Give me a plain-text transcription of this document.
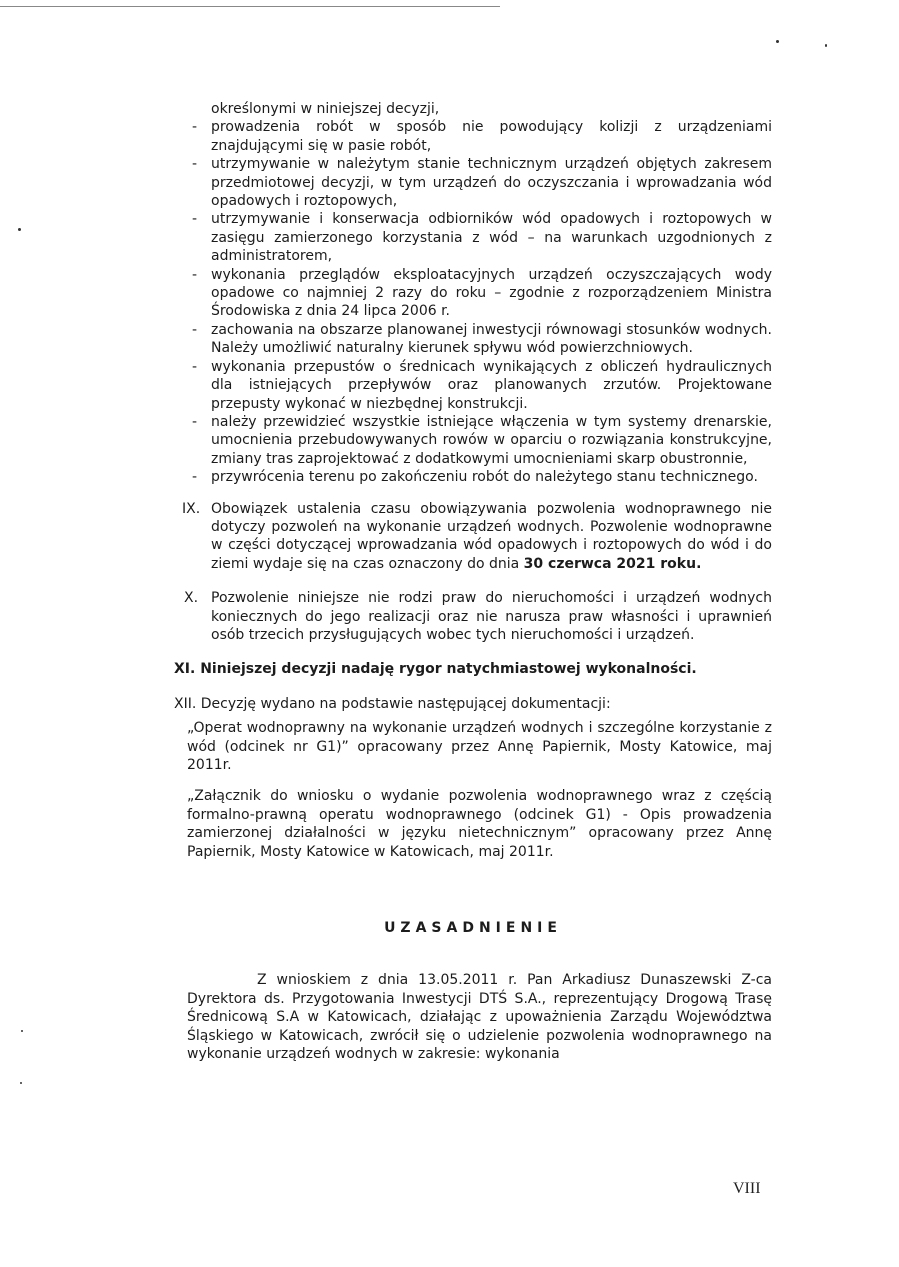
określonymi w niniejszej decyzji,
- prowadzenia robót w sposób nie powodujący kolizji z urządzeniami znajdującymi się w pasie robót,
- utrzymywanie w należytym stanie technicznym urządzeń objętych zakresem przedmiotowej decyzji, w tym urządzeń do oczyszczania i wprowadzania wód opadowych i roztopowych,
- utrzymywanie i konserwacja odbiorników wód opadowych i roztopowych w zasięgu zamierzonego korzystania z wód – na warunkach uzgodnionych z administratorem,
- wykonania przeglądów eksploatacyjnych urządzeń oczyszczających wody opadowe co najmniej 2 razy do roku – zgodnie z rozporządzeniem Ministra Środowiska z dnia 24 lipca 2006 r.
- zachowania na obszarze planowanej inwestycji równowagi stosunków wodnych. Należy umożliwić naturalny kierunek spływu wód powierzchniowych.
- wykonania przepustów o średnicach wynikających z obliczeń hydraulicznych dla istniejących przepływów oraz planowanych zrzutów. Projektowane przepusty wykonać w niezbędnej konstrukcji.
- należy przewidzieć wszystkie istniejące włączenia w tym systemy drenarskie, umocnienia przebudowywanych rowów w oparciu o rozwiązania konstrukcyjne, zmiany tras zaprojektować z dodatkowymi umocnieniami skarp obustronnie,
- przywrócenia terenu po zakończeniu robót do należytego stanu technicznego.
IX. Obowiązek ustalenia czasu obowiązywania pozwolenia wodnoprawnego nie dotyczy pozwoleń na wykonanie urządzeń wodnych. Pozwolenie wodnoprawne w części dotyczącej wprowadzania wód opadowych i roztopowych do wód i do ziemi wydaje się na czas oznaczony do dnia 30 czerwca 2021 roku.
X. Pozwolenie niniejsze nie rodzi praw do nieruchomości i urządzeń wodnych koniecznych do jego realizacji oraz nie narusza praw własności i uprawnień osób trzecich przysługujących wobec tych nieruchomości i urządzeń.
XI. Niniejszej decyzji nadaję rygor natychmiastowej wykonalności.
XII. Decyzję wydano na podstawie następującej dokumentacji:
„Operat wodnoprawny na wykonanie urządzeń wodnych i szczególne korzystanie z wód (odcinek nr G1)” opracowany przez Annę Papiernik, Mosty Katowice, maj 2011r.
„Załącznik do wniosku o wydanie pozwolenia wodnoprawnego wraz z częścią formalno-prawną operatu wodnoprawnego (odcinek G1) - Opis prowadzenia zamierzonej działalności w języku nietechnicznym” opracowany przez Annę Papiernik, Mosty Katowice w Katowicach, maj 2011r.
UZASADNIENIE
Z wnioskiem z dnia 13.05.2011 r. Pan Arkadiusz Dunaszewski Z-ca Dyrektora ds. Przygotowania Inwestycji DTŚ S.A., reprezentujący Drogową Trasę Średnicową S.A w Katowicach, działając z upoważnienia Zarządu Województwa Śląskiego w Katowicach, zwrócił się o udzielenie pozwolenia wodnoprawnego na wykonanie urządzeń wodnych w zakresie: wykonania
VIII
